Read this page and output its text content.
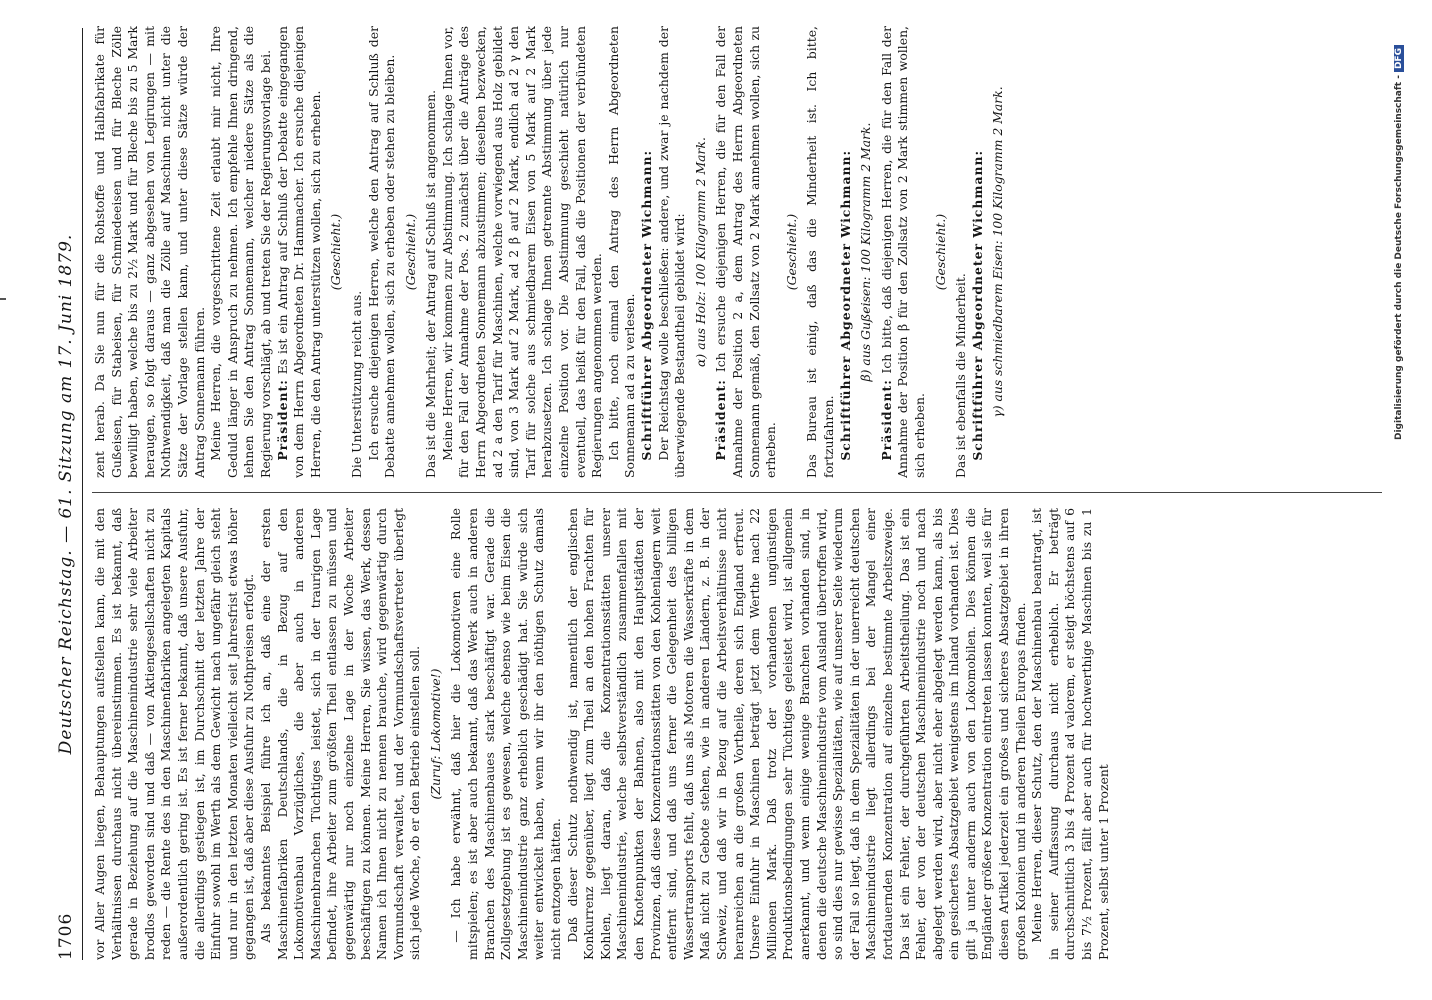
1706
Deutscher Reichstag. — 61. Sitzung am 17. Juni 1879. vor Aller Augen liegen, Behauptungen aufstellen kann, die mit den Verhältnissen durchaus nicht übereinstimmen. Es ist bekannt, daß gerade in Beziehung auf die Maschinenindustrie sehr viele Arbeiter brodlos geworden sind und daß — von Aktiengesellschaften nicht zu reden — die Rente des in den Maschinenfabriken angelegten Kapitals außerordentlich gering ist. Es ist ferner bekannt, daß unsere Ausfuhr, die allerdings gestiegen ist, im Durchschnitt der letzten Jahre der Einfuhr sowohl im Werth als dem Gewicht nach ungefähr gleich steht und nur in den letzten Monaten vielleicht seit Jahresfrist etwas höher gegangen ist, daß aber diese Ausfuhr zu Nothpreisen erfolgt. Als bekanntes Beispiel führe ich an, daß eine der ersten Maschinenfabriken Deutschlands, die in Bezug auf den Lokomotivenbau Vorzügliches, die aber auch in anderen Maschinenbranchen Tüchtiges leistet, sich in der traurigen Lage befindet, ihre Arbeiter zum größten Theil entlassen zu müssen und gegenwärtig nur noch einzelne Lage in der Woche Arbeiter beschäftigen zu können. Meine Herren, Sie wissen, das Werk, dessen Namen ich Ihnen nicht zu nennen brauche, wird gegenwärtig durch Vormundschaft verwaltet, und der Vormundschaftsvertreter überlegt sich jede Woche, ob er den Betrieb einstellen soll. (Zuruf: Lokomotive!) — Ich habe erwähnt, daß hier die Lokomotiven eine Rolle mitspielen; es ist aber auch bekannt, daß das Werk auch in anderen Branchen des Maschinenbaues stark beschäftigt war. Gerade die Zollgesetzgebung ist es gewesen, welche ebenso wie beim Eisen die Maschinenindustrie ganz erheblich geschädigt hat. Sie würde sich weiter entwickelt haben, wenn wir ihr den nöthigen Schutz damals nicht entzogen hätten. Daß dieser Schutz nothwendig ist, namentlich der englischen Konkurrenz gegenüber, liegt zum Theil an den hohen Frachten für Kohlen, liegt daran, daß die Konzentrationsstätten unserer Maschinenindustrie, welche selbstverständlich zusammenfallen mit den Knotenpunkten der Bahnen, also mit den Hauptstädten der Provinzen, daß diese Konzentrationsstätten von den Kohlenlagern weit entfernt sind, und daß uns ferner die Gelegenheit des billigen Wassertransports fehlt, daß uns als Motoren die Wasserkräfte in dem Maß nicht zu Gebote stehen, wie in anderen Ländern, z. B. in der Schweiz, und daß wir in Bezug auf die Arbeitsverhältnisse nicht heranreichen an die großen Vortheile, deren sich England erfreut. Unsere Einfuhr in Maschinen beträgt jetzt dem Werthe nach 22 Millionen Mark. Daß trotz der vorhandenen ungünstigen Produktionsbedingungen sehr Tüchtiges geleistet wird, ist allgemein anerkannt, und wenn einige wenige Branchen vorhanden sind, in denen die deutsche Maschinenindustrie vom Ausland übertroffen wird, so sind dies nur gewisse Spezialitäten, wie auf unserer Seite wiederum der Fall so liegt, daß in dem Spezialitäten in der unerreicht deutschen Maschinenindustrie liegt allerdings bei der Mangel einer fortdauernden Konzentration auf einzelne bestimmte Arbeitszweige. Das ist ein Fehler, der durchgeführten Arbeitstheilung. Das ist ein Fehler, der von der deutschen Maschinenindustrie noch und nach abgelegt werden wird, aber nicht eher abgelegt werden kann, als bis ein gesichertes Absatzgebiet wenigstens im Inland vorhanden ist. Dies gilt ja unter anderm auch von den Lokomobilen. Dies können die Engländer größere Konzentration eintreten lassen konnten, weil sie für diesen Artikel jederzeit ein großes und sicheres Absatzgebiet in ihren großen Kolonien und in anderen Theilen Europas finden. Meine Herren, dieser Schutz, den der Maschinenbau beantragt, ist in seiner Auffassung durchaus nicht erheblich. Er beträgt durchschnittlich 3 bis 4 Prozent ad valorem, er steigt höchstens auf 6 bis 7½ Prozent, fällt aber auch für hochwerthige Maschinen bis zu 1 Prozent, selbst unter 1 Prozent

zent herab. Da Sie nun für die Rohstoffe und Halbfabrikate für Gußeisen, für Stabeisen, für Schmiedeeisen und für Bleche Zölle bewilligt haben, welche bis zu 2½ Mark und für Bleche bis zu 5 Mark heraugen, so folgt daraus — ganz abgesehen von Legirungen — mit Nothwendigkeit, daß man die Zölle auf Maschinen nicht unter die Sätze der Vorlage stellen kann, und unter diese Sätze würde der Antrag Sonnemann führen. Meine Herren, die vorgeschrittene Zeit erlaubt mir nicht, Ihre Geduld länger in Anspruch zu nehmen. Ich empfehle Ihnen dringend, lehnen Sie den Antrag Sonnemann, welcher niedere Sätze als die Regierung vorschlägt, ab und treten Sie der Regierungsvorlage bei. Präsident: Es ist ein Antrag auf Schluß der Debatte eingegangen von dem Herrn Abgeordneten Dr. Hammacher. Ich ersuche diejenigen Herren, die den Antrag unterstützen wollen, sich zu erheben. (Geschieht.)

Die Unterstützung reicht aus. Ich ersuche diejenigen Herren, welche den Antrag auf Schluß der Debatte annehmen wollen, sich zu erheben oder stehen zu bleiben. (Geschieht.) Das ist die Mehrheit; der Antrag auf Schluß ist angenommen. Meine Herren, wir kommen zur Abstimmung. Ich schlage Ihnen vor, für den Fall der Annahme der Pos. 2 zunächst über die Anträge des Herrn Abgeordneten Sonnemann abzustimmen; dieselben bezwecken, ad 2 a den Tarif für Maschinen, welche vorwiegend aus Holz gebildet sind, von 3 Mark auf 2 Mark, ad 2 β auf 2 Mark, endlich ad 2 γ den Tarif für solche aus schmiedbarem Eisen von 5 Mark auf 2 Mark herabzusetzen. Ich schlage Ihnen getrennte Abstimmung über jede einzelne Position vor. Die Abstimmung geschieht natürlich nur eventuell, das heißt für den Fall, daß die Positionen der verbündeten Regierungen angenommen werden. Ich bitte, noch einmal den Antrag des Herrn Abgeordneten Sonnemann ad a zu verlesen. Schriftführer Abgeordneter Wichmann: Der Reichstag wolle beschließen: andere, und zwar je nachdem der überwiegende Bestandtheil gebildet wird: α) aus Holz: 100 Kilogramm 2 Mark.

Präsident: Ich ersuche diejenigen Herren, die für den Fall der Annahme der Position 2 a, dem Antrag des Herrn Abgeordneten Sonnemann gemäß, den Zollsatz von 2 Mark annehmen wollen, sich zu erheben.

(Geschieht.) Das Bureau ist einig, daß das die Minderheit ist. Ich bitte, fortzufahren. Schriftführer Abgeordneter Wichmann: β) aus Gußeisen: 100 Kilogramm 2 Mark.

Präsident: Ich bitte, daß diejenigen Herren, die für den Fall der Annahme der Position β für den Zollsatz von 2 Mark stimmen wollen, sich erheben.

(Geschieht.)

Das ist ebenfalls die Minderheit. Schriftführer Abgeordneter Wichmann: γ) aus schmiedbarem Eisen: 100 Kilogramm 2 Mark.	Digitalisierung gefördert durch die Deutsche Forschungsgemeinschaft -DFG
